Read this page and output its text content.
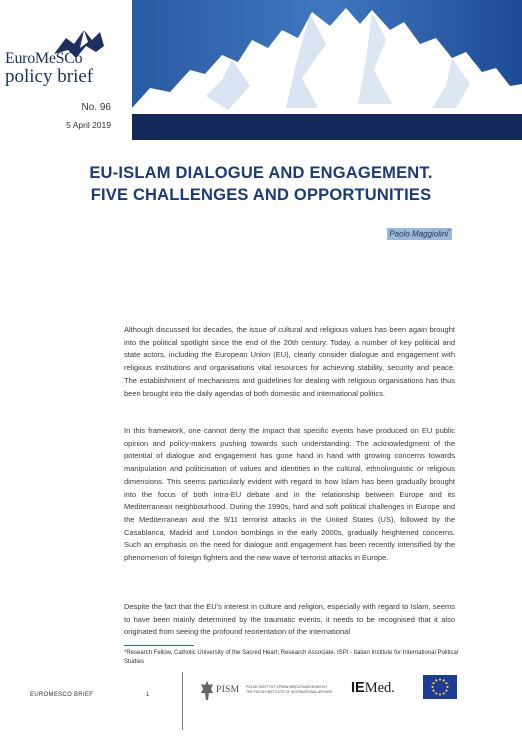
EuroMeSCo
policy brief
No. 96
5 April 2019
EU-ISLAM DIALOGUE AND ENGAGEMENT.
FIVE CHALLENGES AND OPPORTUNITIES
Paolo Maggiolini*

Although discussed for decades, the issue of cultural and religious values has been again brought into the political spotlight since the end of the 20th century. Today, a number of key political and state actors, including the European Union (EU), clearly consider dialogue and engagement with religious institutions and organisations vital resources for achieving stability, security and peace. The establishment of mechanisms and guidelines for dealing with religious organisations has thus been brought into the daily agendas of both domestic and international politics.

In this framework, one cannot deny the impact that specific events have produced on EU public opinion and policy-makers pushing towards such understanding. The acknowledgment of the potential of dialogue and engagement has gone hand in hand with growing concerns towards manipulation and politicisation of values and identities in the cultural, ethnolinguistic or religious dimensions. This seems particularly evident with regard to how Islam has been gradually brought into the focus of both intra-EU debate and in the relationship between Europe and its Mediterranean neighbourhood. During the 1990s, hard and soft political challenges in Europe and the Mediterranean and the 9/11 terrorist attacks in the United States (US), followed by the Casablanca, Madrid and London bombings in the early 2000s, gradually heightened concerns. Such an emphasis on the need for dialogue and engagement has been recently intensified by the phenomenon of foreign fighters and the new wave of terrorist attacks in Europe.

Despite the fact that the EU's interest in culture and religion, especially with regard to Islam, seems to have been mainly determined by the traumatic events, it needs to be recognised that it also originated from seeing the profound reorientation of the international

*Research Fellow, Catholic University of the Sacred Heart; Research Associate, ISPI - Italian Institute for International Political Studies

EUROMESCO BRIEF	1	PISM POLSKI INSTYTUT SPRAW MIĘDZYNARODOWYCH
THE POLISH INSTITUTE OF INTERNATIONAL AFFAIRS IEMed.
